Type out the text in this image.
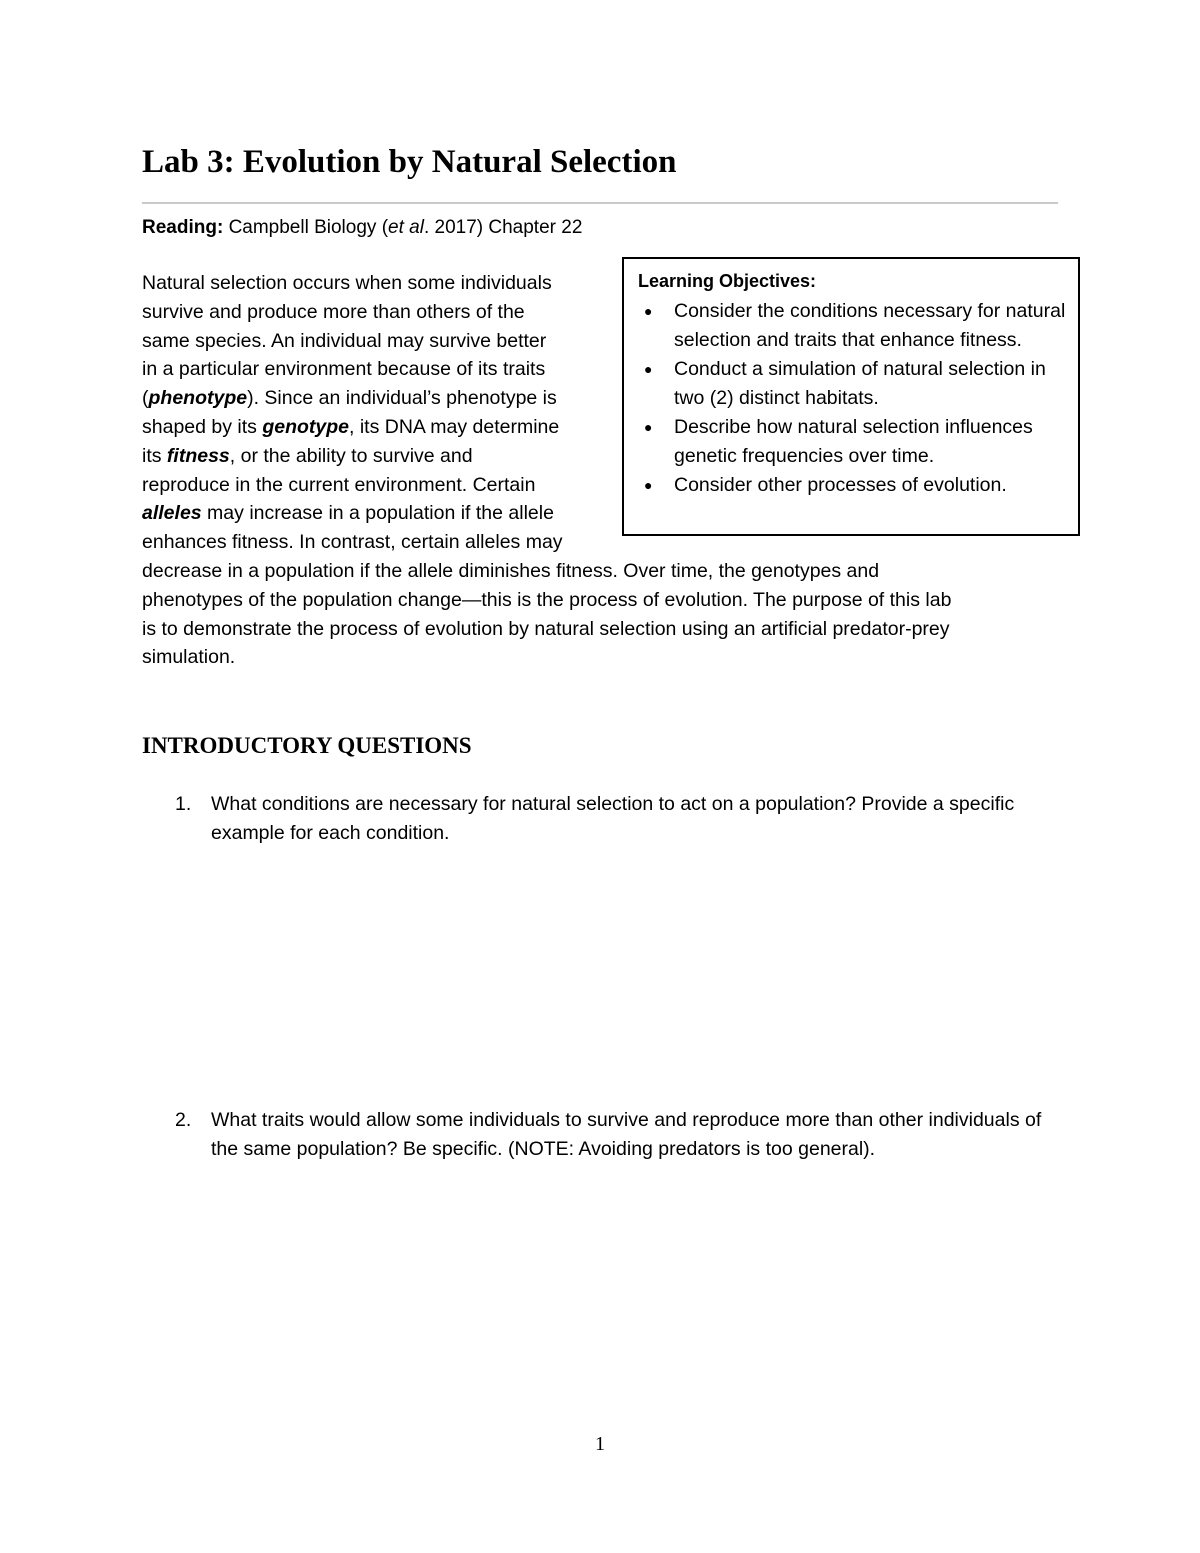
Lab 3: Evolution by Natural Selection
Reading: Campbell Biology (et al. 2017) Chapter 22
Natural selection occurs when some individuals
survive and produce more than others of the
same species. An individual may survive better
in a particular environment because of its traits
(phenotype). Since an individual’s phenotype is
shaped by its genotype, its DNA may determine
its fitness, or the ability to survive and
reproduce in the current environment. Certain
alleles may increase in a population if the allele
enhances fitness. In contrast, certain alleles may
decrease in a population if the allele diminishes fitness. Over time, the genotypes and
phenotypes of the population change—this is the process of evolution. The purpose of this lab
is to demonstrate the process of evolution by natural selection using an artificial predator-prey
simulation.
Learning Objectives:
● Consider the conditions necessary for natural selection and traits that enhance fitness.
● Conduct a simulation of natural selection in two (2) distinct habitats.
● Describe how natural selection influences genetic frequencies over time.
● Consider other processes of evolution.
INTRODUCTORY QUESTIONS
1. What conditions are necessary for natural selection to act on a population? Provide a specific example for each condition.
2. What traits would allow some individuals to survive and reproduce more than other individuals of the same population? Be specific. (NOTE: Avoiding predators is too general).
1
